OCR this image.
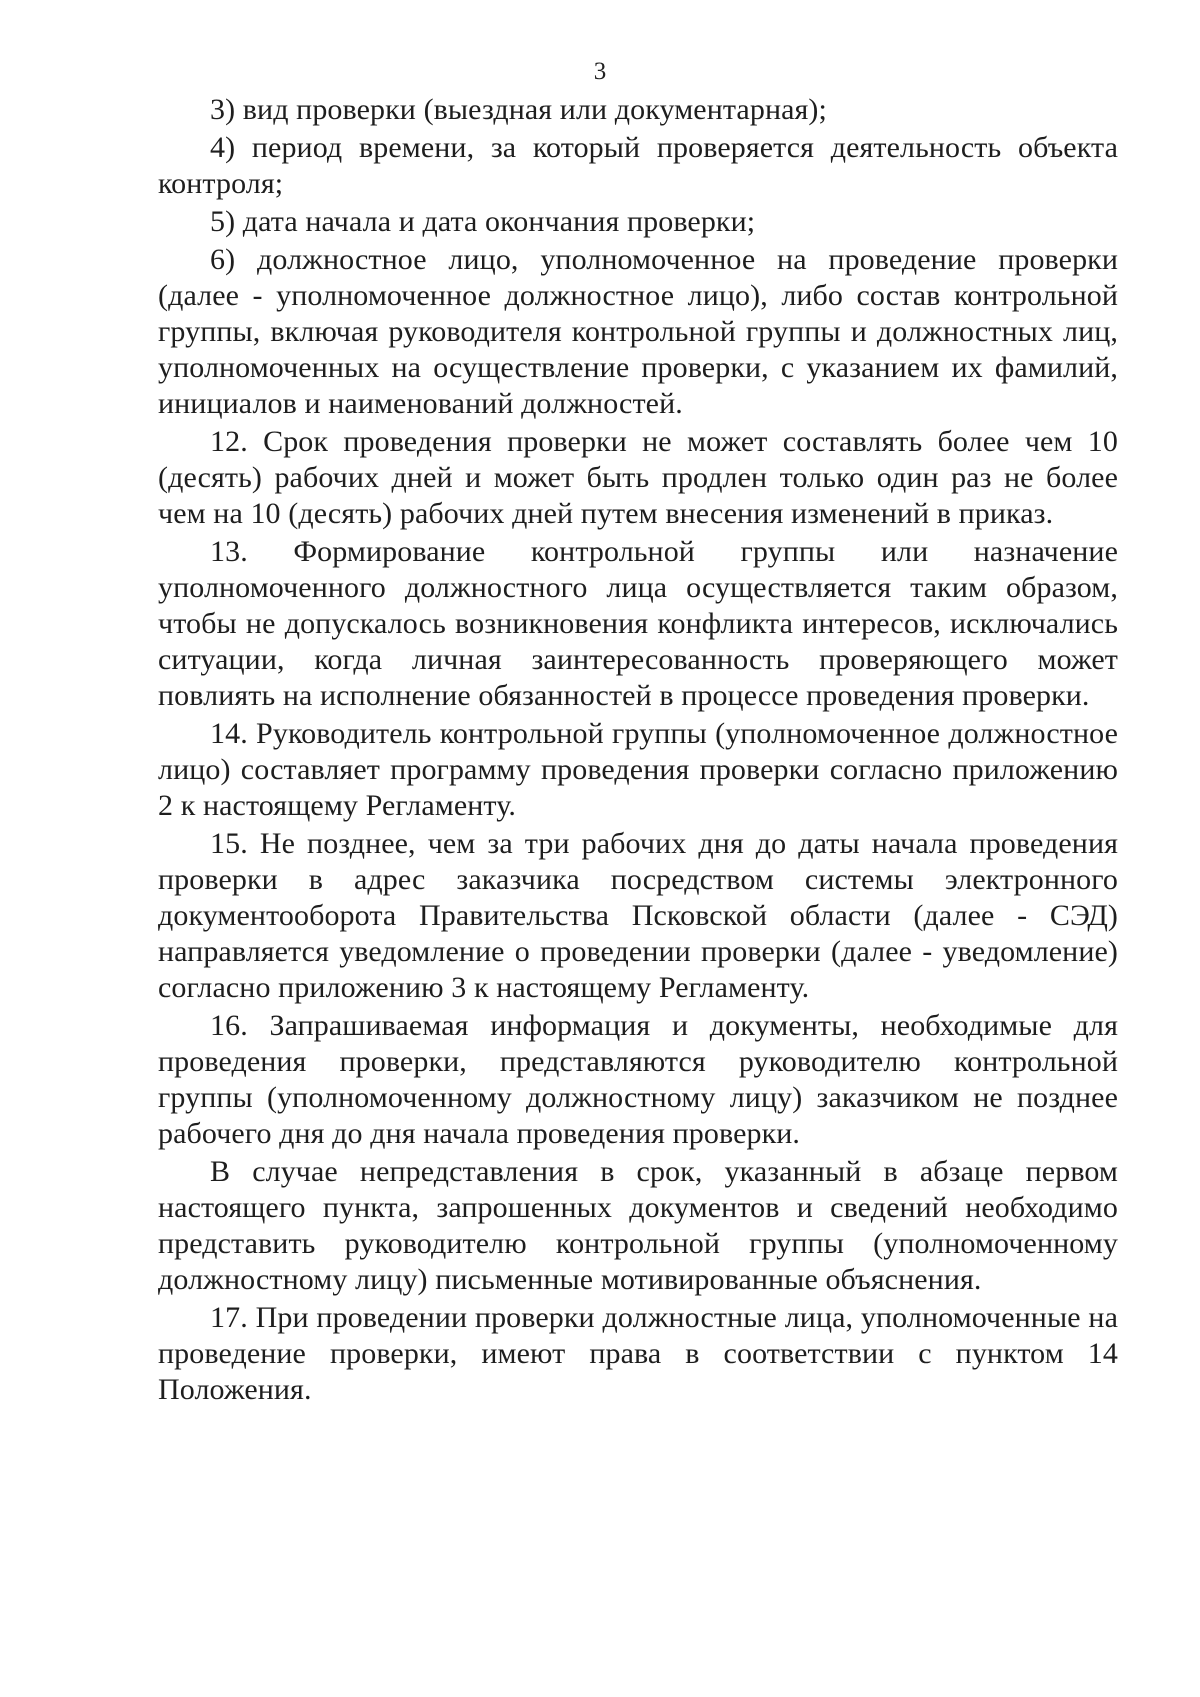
3

3) вид проверки (выездная или документарная);

4) период времени, за который проверяется деятельность объекта контроля;

5) дата начала и дата окончания проверки;

6) должностное лицо, уполномоченное на проведение проверки (далее - уполномоченное должностное лицо), либо состав контрольной группы, включая руководителя контрольной группы и должностных лиц, уполномоченных на осуществление проверки, с указанием их фамилий, инициалов и наименований должностей.

12. Срок проведения проверки не может составлять более чем 10 (десять) рабочих дней и может быть продлен только один раз не более чем на 10 (десять) рабочих дней путем внесения изменений в приказ.

13. Формирование контрольной группы или назначение уполномоченного должностного лица осуществляется таким образом, чтобы не допускалось возникновения конфликта интересов, исключались ситуации, когда личная заинтересованность проверяющего может повлиять на исполнение обязанностей в процессе проведения проверки.

14. Руководитель контрольной группы (уполномоченное должностное лицо) составляет программу проведения проверки согласно приложению 2 к настоящему Регламенту.

15. Не позднее, чем за три рабочих дня до даты начала проведения проверки в адрес заказчика посредством системы электронного документооборота Правительства Псковской области (далее - СЭД) направляется уведомление о проведении проверки (далее - уведомление) согласно приложению 3 к настоящему Регламенту.

16. Запрашиваемая информация и документы, необходимые для проведения проверки, представляются руководителю контрольной группы (уполномоченному должностному лицу) заказчиком не позднее рабочего дня до дня начала проведения проверки.

В случае непредставления в срок, указанный в абзаце первом настоящего пункта, запрошенных документов и сведений необходимо представить руководителю контрольной группы (уполномоченному должностному лицу) письменные мотивированные объяснения.

17. При проведении проверки должностные лица, уполномоченные на проведение проверки, имеют права в соответствии с пунктом 14 Положения.
